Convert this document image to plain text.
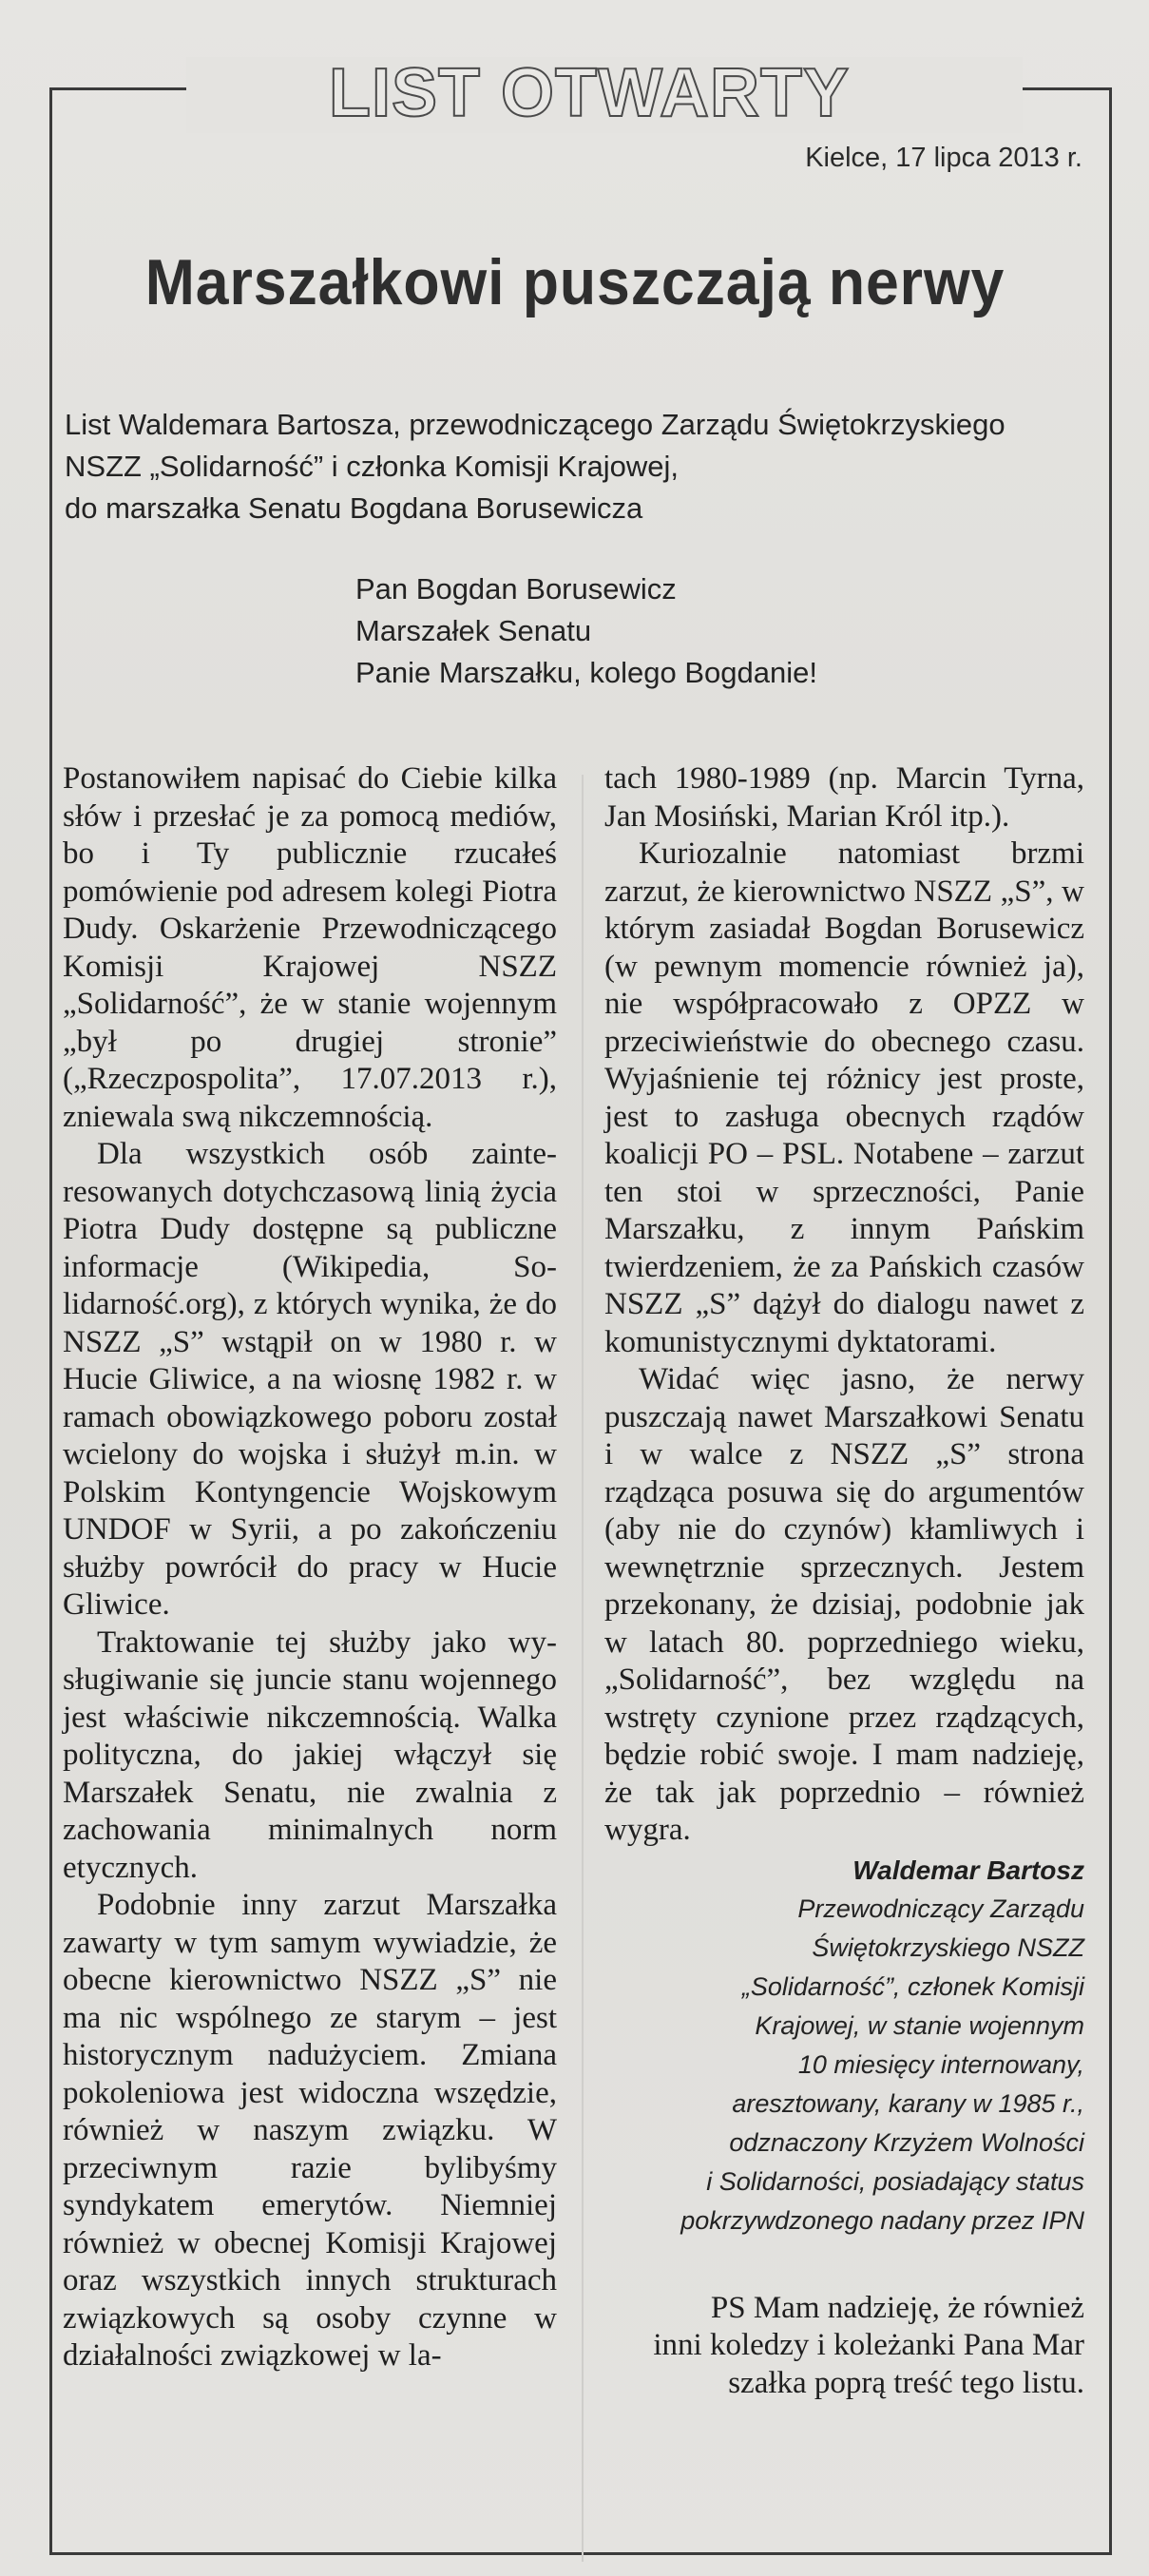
LIST OTWARTY
Kielce, 17 lipca 2013 r.
Marszałkowi puszczają nerwy
List Waldemara Bartosza, przewodniczącego Zarządu Świętokrzyskiego
NSZZ „Solidarność” i członka Komisji Krajowej,
do marszałka Senatu Bogdana Borusewicza
Pan Bogdan Borusewicz
Marszałek Senatu
Panie Marszałku, kolego Bogdanie!

Postanowiłem napisać do Ciebie kilka słów i przesłać je za pomocą mediów, bo i Ty publicznie rzucałeś pomówienie pod adresem kolegi Piotra Dudy. Oskarżenie Przewodniczącego Komisji Krajowej NSZZ „Solidarność”, że w stanie wojennym „był po drugiej stronie” („Rzeczpospolita”, 17.07.2013 r.), zniewala swą nikczemnością.

Dla wszystkich osób zainteresowanych dotychczasową linią życia Piotra Dudy dostępne są publiczne informacje (Wikipedia, Solidarność.org), z których wynika, że do NSZZ „S” wstąpił on w 1980 r. w Hucie Gliwice, a na wiosnę 1982 r. w ramach obowiązkowego poboru został wcielony do wojska i służył m.in. w Polskim Kontyngencie Wojskowym UNDOF w Syrii, a po zakończeniu służby powrócił do pracy w Hucie Gliwice.

Traktowanie tej służby jako wysługiwanie się juncie stanu wojennego jest właściwie nikczemnością. Walka polityczna, do jakiej włączył się Marszałek Senatu, nie zwalnia z zachowania minimalnych norm etycznych.

Podobnie inny zarzut Marszałka zawarty w tym samym wywiadzie, że obecne kierownictwo NSZZ „S” nie ma nic wspólnego ze starym – jest historycznym nadużyciem. Zmiana pokoleniowa jest widoczna wszędzie, również w naszym związku. W przeciwnym razie bylibyśmy syndykatem emerytów. Niemniej również w obecnej Komisji Krajowej oraz wszystkich innych strukturach związkowych są osoby czynne w działalności związkowej w la-

tach 1980-1989 (np. Marcin Tyrna, Jan Mosiński, Marian Król itp.).

Kuriozalnie natomiast brzmi zarzut, że kierownictwo NSZZ „S”, w którym zasiadał Bogdan Borusewicz (w pewnym momencie również ja), nie współpracowało z OPZZ w przeciwieństwie do obecnego czasu. Wyjaśnienie tej różnicy jest proste, jest to zasługa obecnych rządów koalicji PO – PSL. Notabene – zarzut ten stoi w sprzeczności, Panie Marszałku, z innym Pańskim twierdzeniem, że za Pańskich czasów NSZZ „S” dążył do dialogu nawet z komunistycznymi dyktatorami.

Widać więc jasno, że nerwy puszczają nawet Marszałkowi Senatu i w walce z NSZZ „S” strona rządząca posuwa się do argumentów (aby nie do czynów) kłamliwych i wewnętrznie sprzecznych. Jestem przekonany, że dzisiaj, podobnie jak w latach 80. poprzedniego wieku, „Solidarność”, bez względu na wstręty czynione przez rządzących, będzie robić swoje. I mam nadzieję, że tak jak poprzednio – również wygra.

Waldemar Bartosz
Przewodniczący Zarządu
Świętokrzyskiego NSZZ
„Solidarność”, członek Komisji
Krajowej, w stanie wojennym
10 miesięcy internowany,
aresztowany, karany w 1985 r.,
odznaczony Krzyżem Wolności
i Solidarności, posiadający status
pokrzywdzonego nadany przez IPN

PS Mam nadzieję, że również

inni koledzy i koleżanki Pana Mar

szałka poprą treść tego listu.
